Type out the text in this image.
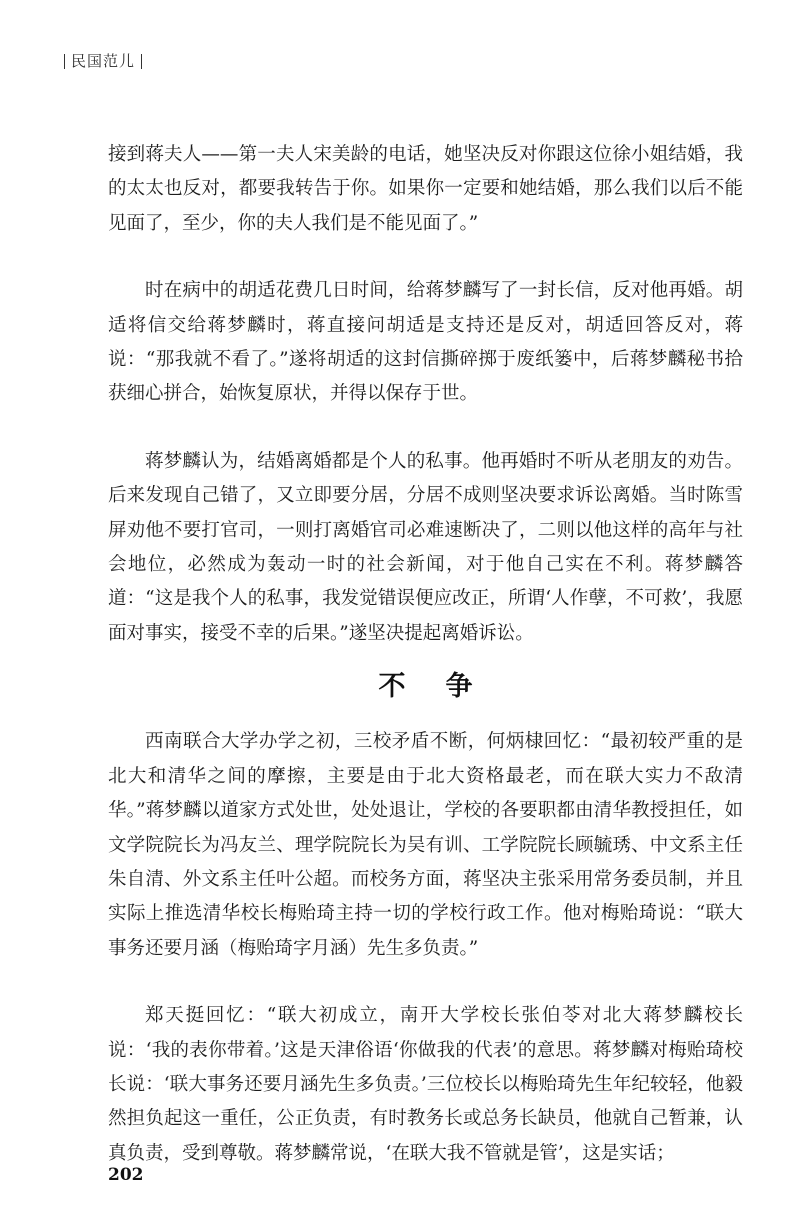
民国范儿

接到蒋夫人——第一夫人宋美龄的电话，她坚决反对你跟这位徐小姐结婚，我的太太也反对，都要我转告于你。如果你一定要和她结婚，那么我们以后不能见面了，至少，你的夫人我们是不能见面了。”

时在病中的胡适花费几日时间，给蒋梦麟写了一封长信，反对他再婚。胡适将信交给蒋梦麟时，蒋直接问胡适是支持还是反对，胡适回答反对，蒋说：“那我就不看了。”遂将胡适的这封信撕碎掷于废纸篓中，后蒋梦麟秘书拾获细心拼合，始恢复原状，并得以保存于世。

蒋梦麟认为，结婚离婚都是个人的私事。他再婚时不听从老朋友的劝告。后来发现自己错了，又立即要分居，分居不成则坚决要求诉讼离婚。当时陈雪屏劝他不要打官司，一则打离婚官司必难速断决了，二则以他这样的高年与社会地位，必然成为轰动一时的社会新闻，对于他自己实在不利。蒋梦麟答道：“这是我个人的私事，我发觉错误便应改正，所谓‘人作孽，不可救’，我愿面对事实，接受不幸的后果。”遂坚决提起离婚诉讼。

不争

西南联合大学办学之初，三校矛盾不断，何炳棣回忆：“最初较严重的是北大和清华之间的摩擦，主要是由于北大资格最老，而在联大实力不敌清华。”蒋梦麟以道家方式处世，处处退让，学校的各要职都由清华教授担任，如文学院院长为冯友兰、理学院院长为吴有训、工学院院长顾毓琇、中文系主任朱自清、外文系主任叶公超。而校务方面，蒋坚决主张采用常务委员制，并且实际上推选清华校长梅贻琦主持一切的学校行政工作。他对梅贻琦说：“联大事务还要月涵（梅贻琦字月涵）先生多负责。”

郑天挺回忆：“联大初成立，南开大学校长张伯苓对北大蒋梦麟校长说：‘我的表你带着。’这是天津俗语‘你做我的代表’的意思。蒋梦麟对梅贻琦校长说：‘联大事务还要月涵先生多负责。’三位校长以梅贻琦先生年纪较轻，他毅然担负起这一重任，公正负责，有时教务长或总务长缺员，他就自己暂兼，认真负责，受到尊敬。蒋梦麟常说，‘在联大我不管就是管’，这是实话；

202
